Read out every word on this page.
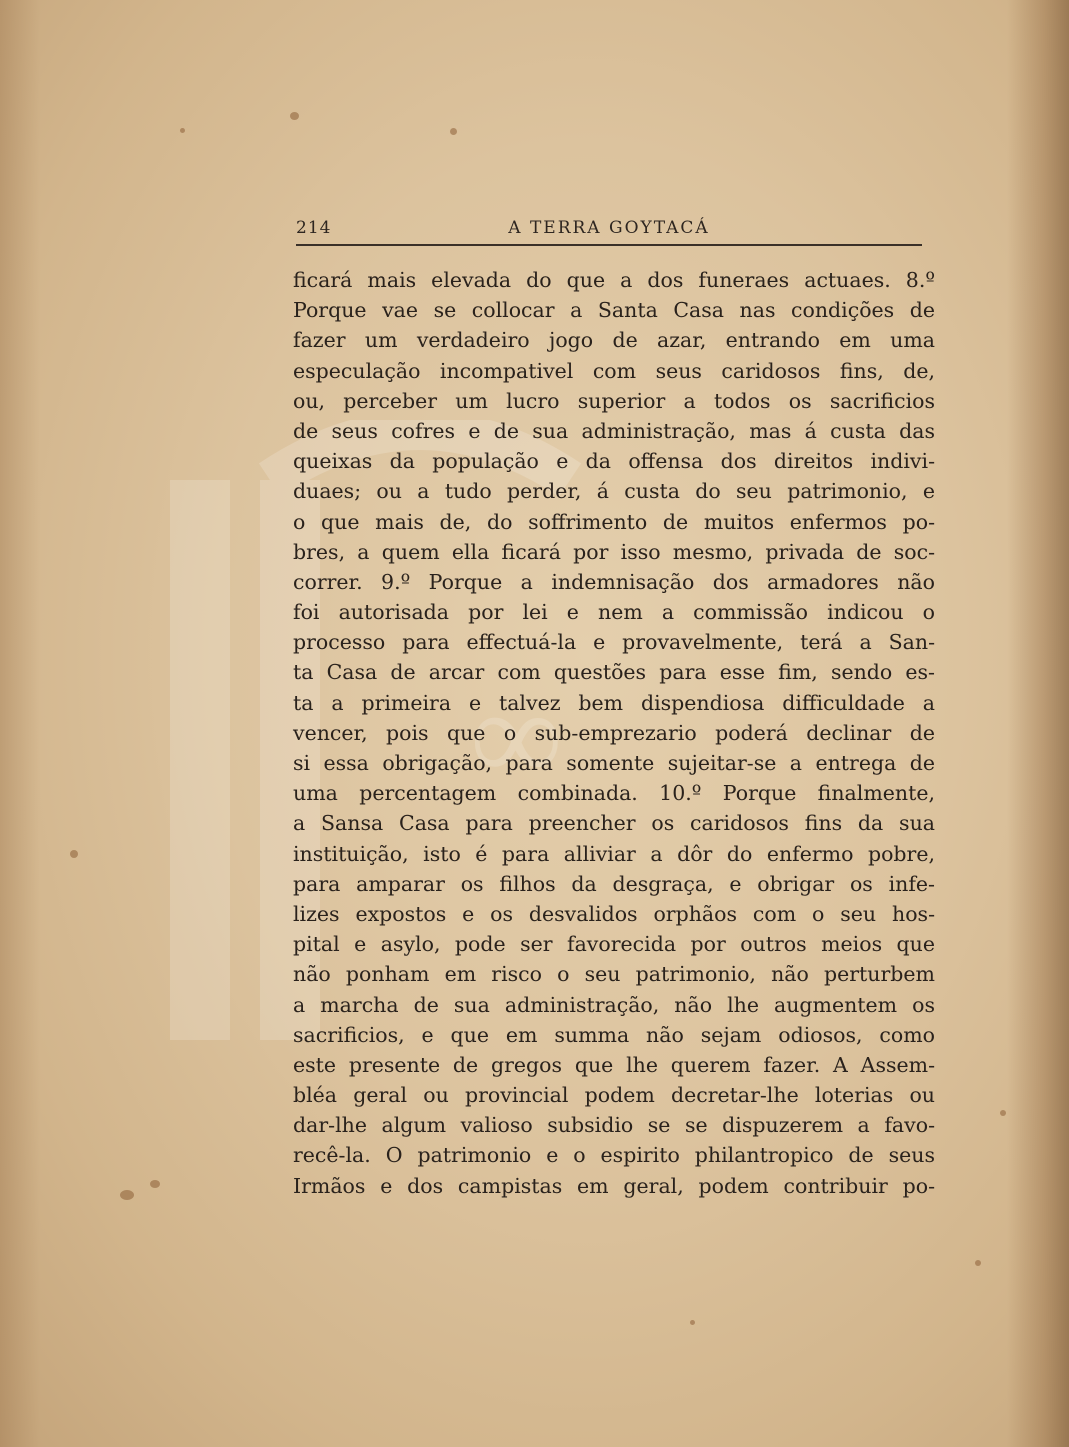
∞
214	A TERRA GOYTACÁ
ficará mais elevada do que a dos funeraes actuaes. 8.º
Porque vae se collocar a Santa Casa nas condições de
fazer um verdadeiro jogo de azar, entrando em uma
especulação incompativel com seus caridosos fins, de,
ou, perceber um lucro superior a todos os sacrificios
de seus cofres e de sua administração, mas á custa das
queixas da população e da offensa dos direitos indivi-
duaes; ou a tudo perder, á custa do seu patrimonio, e
o que mais de, do soffrimento de muitos enfermos po-
bres, a quem ella ficará por isso mesmo, privada de soc-
correr. 9.º Porque a indemnisação dos armadores não
foi autorisada por lei e nem a commissão indicou o
processo para effectuá-la e provavelmente, terá a San-
ta Casa de arcar com questões para esse fim, sendo es-
ta a primeira e talvez bem dispendiosa difficuldade a
vencer, pois que o sub-emprezario poderá declinar de
si essa obrigação, para somente sujeitar-se a entrega de
uma percentagem combinada. 10.º Porque finalmente,
a Sansa Casa para preencher os caridosos fins da sua
instituição, isto é para alliviar a dôr do enfermo pobre,
para amparar os filhos da desgraça, e obrigar os infe-
lizes expostos e os desvalidos orphãos com o seu hos-
pital e asylo, pode ser favorecida por outros meios que
não ponham em risco o seu patrimonio, não perturbem
a marcha de sua administração, não lhe augmentem os
sacrificios, e que em summa não sejam odiosos, como
este presente de gregos que lhe querem fazer. A Assem-
bléa geral ou provincial podem decretar-lhe loterias ou
dar-lhe algum valioso subsidio se se dispuzerem a favo-
recê-la. O patrimonio e o espirito philantropico de seus
Irmãos e dos campistas em geral, podem contribuir po-
